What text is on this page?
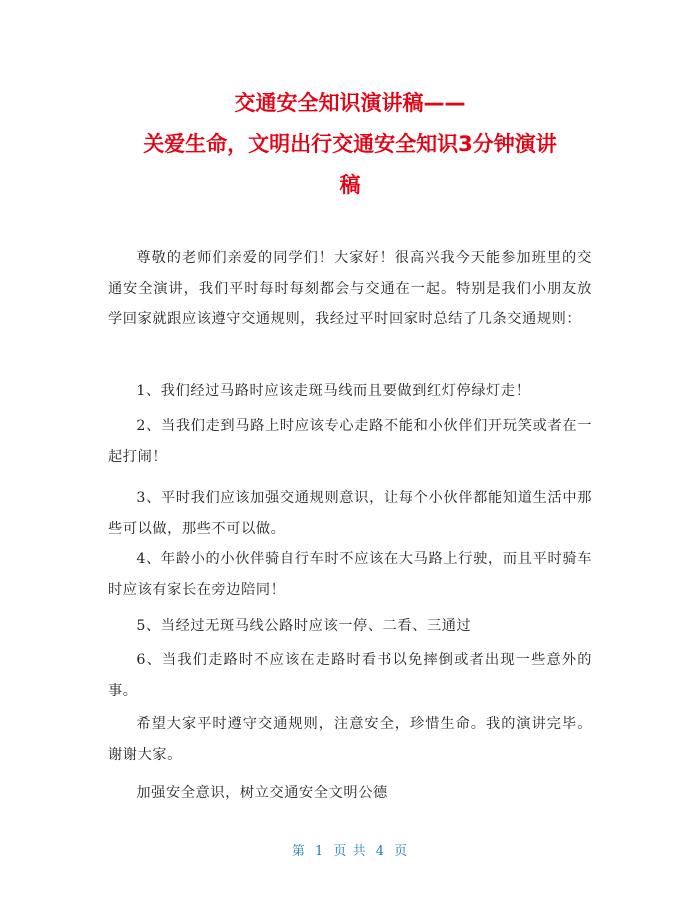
交通安全知识演讲稿——
关爱生命，文明出行交通安全知识3分钟演讲
稿

尊敬的老师们亲爱的同学们！大家好！很高兴我今天能参加班里的交通安全演讲，我们平时每时每刻都会与交通在一起。特别是我们小朋友放学回家就跟应该遵守交通规则，我经过平时回家时总结了几条交通规则：

1、我们经过马路时应该走斑马线而且要做到红灯停绿灯走！

2、当我们走到马路上时应该专心走路不能和小伙伴们开玩笑或者在一起打闹！

3、平时我们应该加强交通规则意识，让每个小伙伴都能知道生活中那些可以做，那些不可以做。

4、年龄小的小伙伴骑自行车时不应该在大马路上行驶，而且平时骑车时应该有家长在旁边陪同！

5、当经过无斑马线公路时应该一停、二看、三通过

6、当我们走路时不应该在走路时看书以免摔倒或者出现一些意外的事。

希望大家平时遵守交通规则，注意安全，珍惜生命。我的演讲完毕。谢谢大家。

加强安全意识，树立交通安全文明公德

第 1 页 共 4 页
